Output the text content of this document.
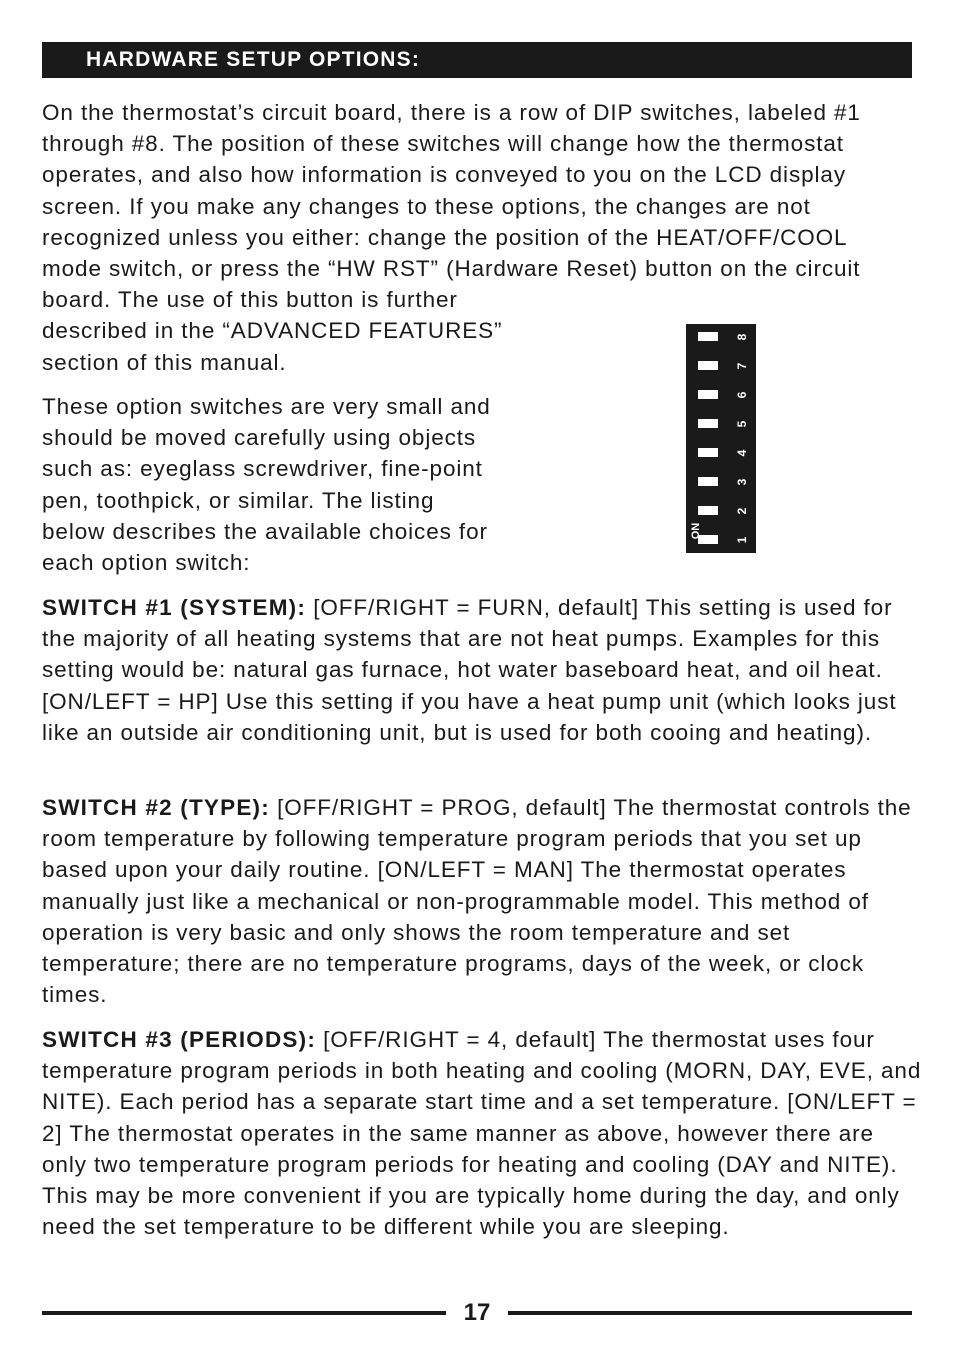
HARDWARE SETUP OPTIONS:
On the thermostat’s circuit board, there is a row of DIP switches, labeled #1
through #8. The position of these switches will change how the thermostat
operates, and also how information is conveyed to you on the LCD display
screen. If you make any changes to these options, the changes are not
recognized unless you either: change the position of the HEAT/OFF/COOL
mode switch, or press the “HW RST” (Hardware Reset) button on the circuit
board. The use of this button is further
described in the “ADVANCED FEATURES”
section of this manual.
These option switches are very small and
should be moved carefully using objects
such as: eyeglass screwdriver, fine-point
pen, toothpick, or similar. The listing
below describes the available choices for
each option switch:
8
7
6
5
4
3
2
1
ON

SWITCH #1 (SYSTEM): [OFF/RIGHT = FURN, default] This setting is used for the majority of all heating systems that are not heat pumps. Examples for this setting would be: natural gas furnace, hot water baseboard heat, and oil heat. [ON/LEFT = HP] Use this setting if you have a heat pump unit (which looks just like an outside air conditioning unit, but is used for both cooing and heating).

SWITCH #2 (TYPE): [OFF/RIGHT = PROG, default] The thermostat controls the room temperature by following temperature program periods that you set up based upon your daily routine. [ON/LEFT = MAN] The thermostat operates manually just like a mechanical or non-programmable model. This method of operation is very basic and only shows the room temperature and set temperature; there are no temperature programs, days of the week, or clock times.

SWITCH #3 (PERIODS): [OFF/RIGHT = 4, default] The thermostat uses four temperature program periods in both heating and cooling (MORN, DAY, EVE, and NITE). Each period has a separate start time and a set temperature. [ON/LEFT = 2] The thermostat operates in the same manner as above, however there are only two temperature program periods for heating and cooling (DAY and NITE). This may be more convenient if you are typically home during the day, and only need the set temperature to be different while you are sleeping.

17
